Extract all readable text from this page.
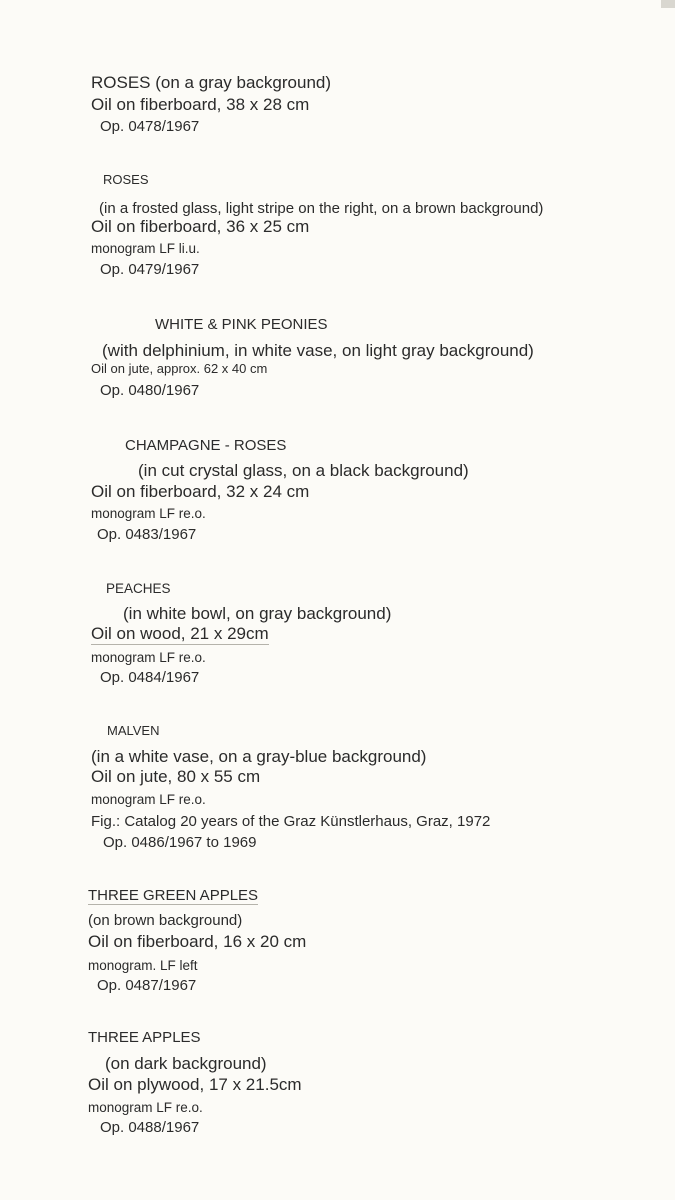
ROSES (on a gray background)
Oil on fiberboard, 38 x 28 cm
Op. 0478/1967
ROSES
(in a frosted glass, light stripe on the right, on a brown background)
Oil on fiberboard, 36 x 25 cm
monogram LF li.u.
Op. 0479/1967
WHITE & PINK PEONIES
(with delphinium, in white vase, on light gray background)
Oil on jute, approx. 62 x 40 cm
Op. 0480/1967
CHAMPAGNE - ROSES
(in cut crystal glass, on a black background)
Oil on fiberboard, 32 x 24 cm
monogram LF re.o.
Op. 0483/1967
PEACHES
(in white bowl, on gray background)
Oil on wood, 21 x 29cm
monogram LF re.o.
Op. 0484/1967
MALVEN
(in a white vase, on a gray-blue background)
Oil on jute, 80 x 55 cm
monogram LF re.o.
Fig.: Catalog 20 years of the Graz Künstlerhaus, Graz, 1972
Op. 0486/1967 to 1969
THREE GREEN APPLES
(on brown background)
Oil on fiberboard, 16 x 20 cm
monogram. LF left
Op. 0487/1967
THREE APPLES
(on dark background)
Oil on plywood, 17 x 21.5cm
monogram LF re.o.
Op. 0488/1967
